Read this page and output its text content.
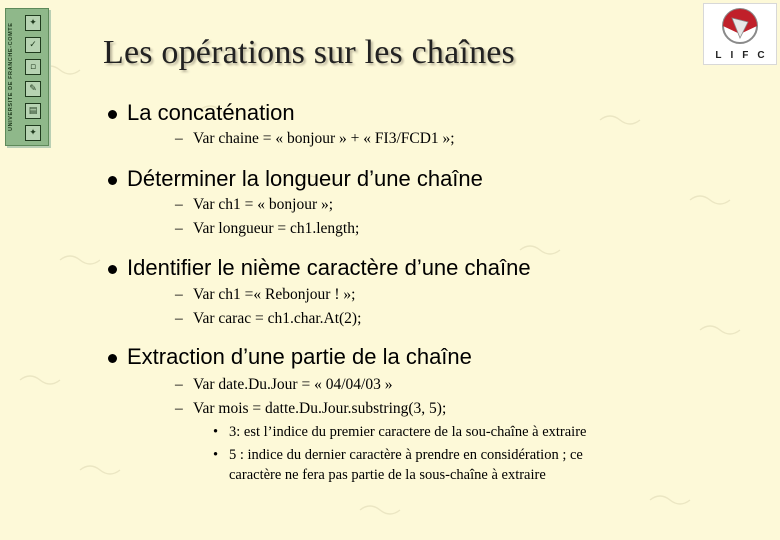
UNIVERSITE DE FRANCHE-COMTE	✦
✓
▫
✎
▤
✦
LIFC
Les opérations sur les chaînes
La concaténation
– Var chaine = « bonjour » + « FI3/FCD1 »;
Déterminer la longueur d’une chaîne
– Var ch1 = « bonjour »;
– Var longueur = ch1.length;
Identifier le nième caractère d’une chaîne
– Var ch1 =« Rebonjour ! »;
– Var carac = ch1.char.At(2);
Extraction d’une partie de la chaîne
– Var date.Du.Jour = « 04/04/03 »
– Var mois = datte.Du.Jour.substring(3, 5);
• 3: est l’indice du premier caractere de la sou-chaîne à extraire
• 5 : indice du dernier caractère à prendre en considération ; ce
caractère ne fera pas partie de la sous-chaîne à extraire
